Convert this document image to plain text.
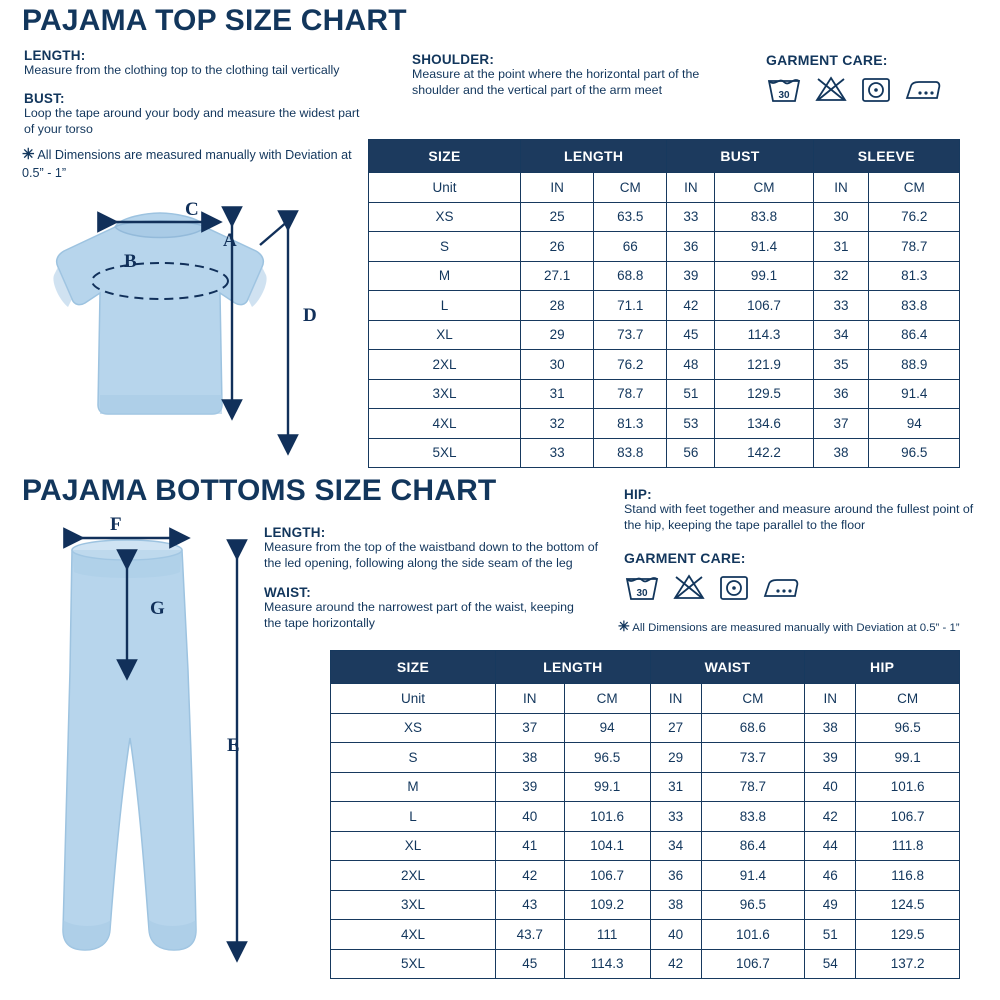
PAJAMA TOP SIZE CHART
LENGTH:
Measure from the clothing top to the clothing tail vertically
BUST:
Loop the tape around your body and measure the widest part of your torso
✳ All Dimensions are measured manually with Deviation at 0.5” - 1”
SHOULDER:
Measure at the point where the horizontal part of the shoulder and the vertical part of the arm meet
GARMENT CARE:
30
C
A
B
D
SIZE	LENGTH		BUST		SLEEVE	
Unit	IN	CM	IN	CM	IN	CM
XS	25	63.5	33	83.8	30	76.2
S	26	66	36	91.4	31	78.7
M	27.1	68.8	39	99.1	32	81.3
L	28	71.1	42	106.7	33	83.8
XL	29	73.7	45	114.3	34	86.4
2XL	30	76.2	48	121.9	35	88.9
3XL	31	78.7	51	129.5	36	91.4
4XL	32	81.3	53	134.6	37	94
5XL	33	83.8	56	142.2	38	96.5
PAJAMA BOTTOMS SIZE CHART
LENGTH:
Measure from the top of the waistband down to the bottom of the led opening, following along the side seam of the leg
WAIST:
Measure around the narrowest part of the waist, keeping the tape horizontally
HIP:
Stand with feet together and measure around the fullest point of the hip, keeping the tape parallel to the floor
✳ All Dimensions are measured manually with Deviation at 0.5” - 1”
GARMENT CARE:
30
F
G
E
SIZE	LENGTH		WAIST		HIP	
Unit	IN	CM	IN	CM	IN	CM
XS	37	94	27	68.6	38	96.5
S	38	96.5	29	73.7	39	99.1
M	39	99.1	31	78.7	40	101.6
L	40	101.6	33	83.8	42	106.7
XL	41	104.1	34	86.4	44	111.8
2XL	42	106.7	36	91.4	46	116.8
3XL	43	109.2	38	96.5	49	124.5
4XL	43.7	111	40	101.6	51	129.5
5XL	45	114.3	42	106.7	54	137.2
